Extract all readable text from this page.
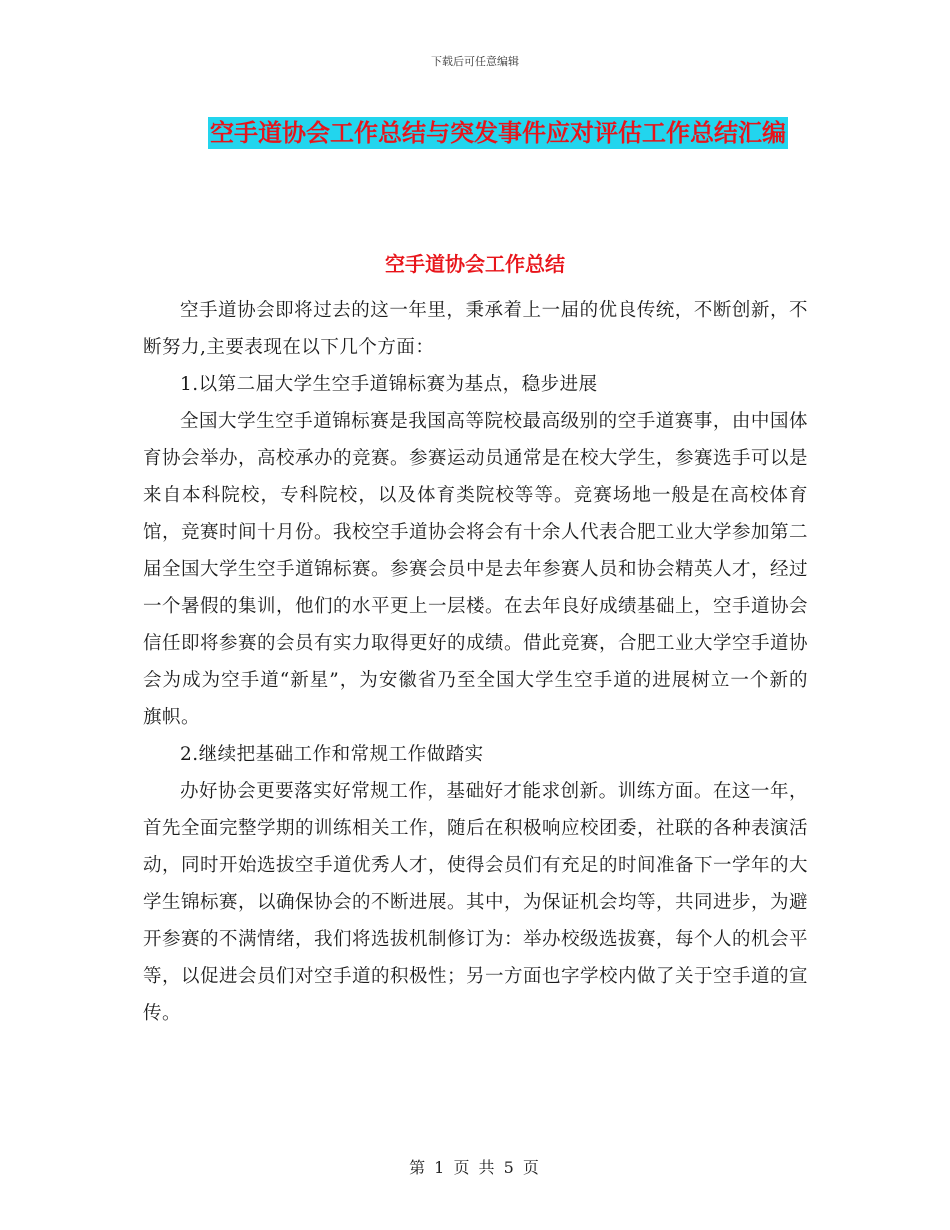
下载后可任意编辑
空手道协会工作总结与突发事件应对评估工作总结汇编
空手道协会工作总结

空手道协会即将过去的这一年里，秉承着上一届的优良传统，不断创新，不断努力,主要表现在以下几个方面：

1.以第二届大学生空手道锦标赛为基点，稳步进展

全国大学生空手道锦标赛是我国高等院校最高级别的空手道赛事，由中国体育协会举办，高校承办的竞赛。参赛运动员通常是在校大学生，参赛选手可以是来自本科院校，专科院校，以及体育类院校等等。竞赛场地一般是在高校体育馆，竞赛时间十月份。我校空手道协会将会有十余人代表合肥工业大学参加第二届全国大学生空手道锦标赛。参赛会员中是去年参赛人员和协会精英人才，经过一个暑假的集训，他们的水平更上一层楼。在去年良好成绩基础上，空手道协会信任即将参赛的会员有实力取得更好的成绩。借此竞赛，合肥工业大学空手道协会为成为空手道“新星”，为安徽省乃至全国大学生空手道的进展树立一个新的旗帜。

2.继续把基础工作和常规工作做踏实

办好协会更要落实好常规工作，基础好才能求创新。训练方面。在这一年，首先全面完整学期的训练相关工作，随后在积极响应校团委，社联的各种表演活动，同时开始选拔空手道优秀人才，使得会员们有充足的时间准备下一学年的大学生锦标赛，以确保协会的不断进展。其中，为保证机会均等，共同进步，为避开参赛的不满情绪，我们将选拔机制修订为：举办校级选拔赛，每个人的机会平等，以促进会员们对空手道的积极性；另一方面也字学校内做了关于空手道的宣传。

第 1 页 共 5 页
